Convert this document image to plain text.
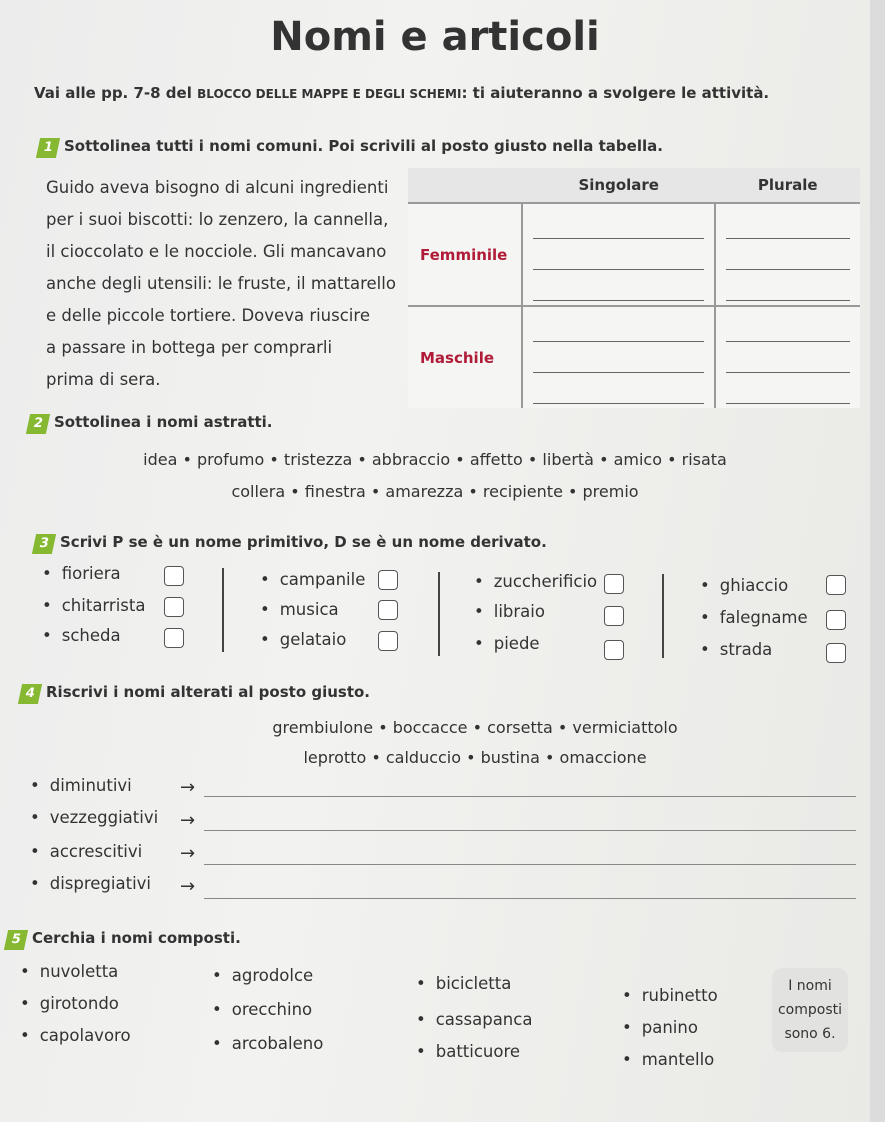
Nomi e articoli
Vai alle pp. 7-8 del BLOCCO DELLE MAPPE E DEGLI SCHEMI: ti aiuteranno a svolgere le attività.
1 Sottolinea tutti i nomi comuni. Poi scrivili al posto giusto nella tabella.
Guido aveva bisogno di alcuni ingredienti
per i suoi biscotti: lo zenzero, la cannella,
il cioccolato e le nocciole. Gli mancavano
anche degli utensili: le fruste, il mattarello
e delle piccole tortiere. Doveva riuscire
a passare in bottega per comprarli
prima di sera.
	Singolare	Plurale
Femminile	

Maschile	

2 Sottolinea i nomi astratti.
idea • profumo • tristezza • abbraccio • affetto • libertà • amico • risata
collera • finestra • amarezza • recipiente • premio
3 Scrivi P se è un nome primitivo, D se è un nome derivato.
• fioriera
• chitarrista
• scheda
• campanile
• musica
• gelataio
• zuccherificio
• libraio
• piede
• ghiaccio
• falegname
• strada
4 Riscrivi i nomi alterati al posto giusto.
grembiulone • boccacce • corsetta • vermiciattolo
leprotto • calduccio • bustina • omaccione
• diminutivi	→
• vezzeggiativi →
• accrescitivi →
• dispregiativi →
5 Cerchia i nomi composti.
• nuvoletta
• girotondo
• capolavoro
• agrodolce
• orecchino
• arcobaleno
• bicicletta
• cassapanca
• batticuore
• rubinetto
• panino
• mantello
I nomi
composti
sono 6.
